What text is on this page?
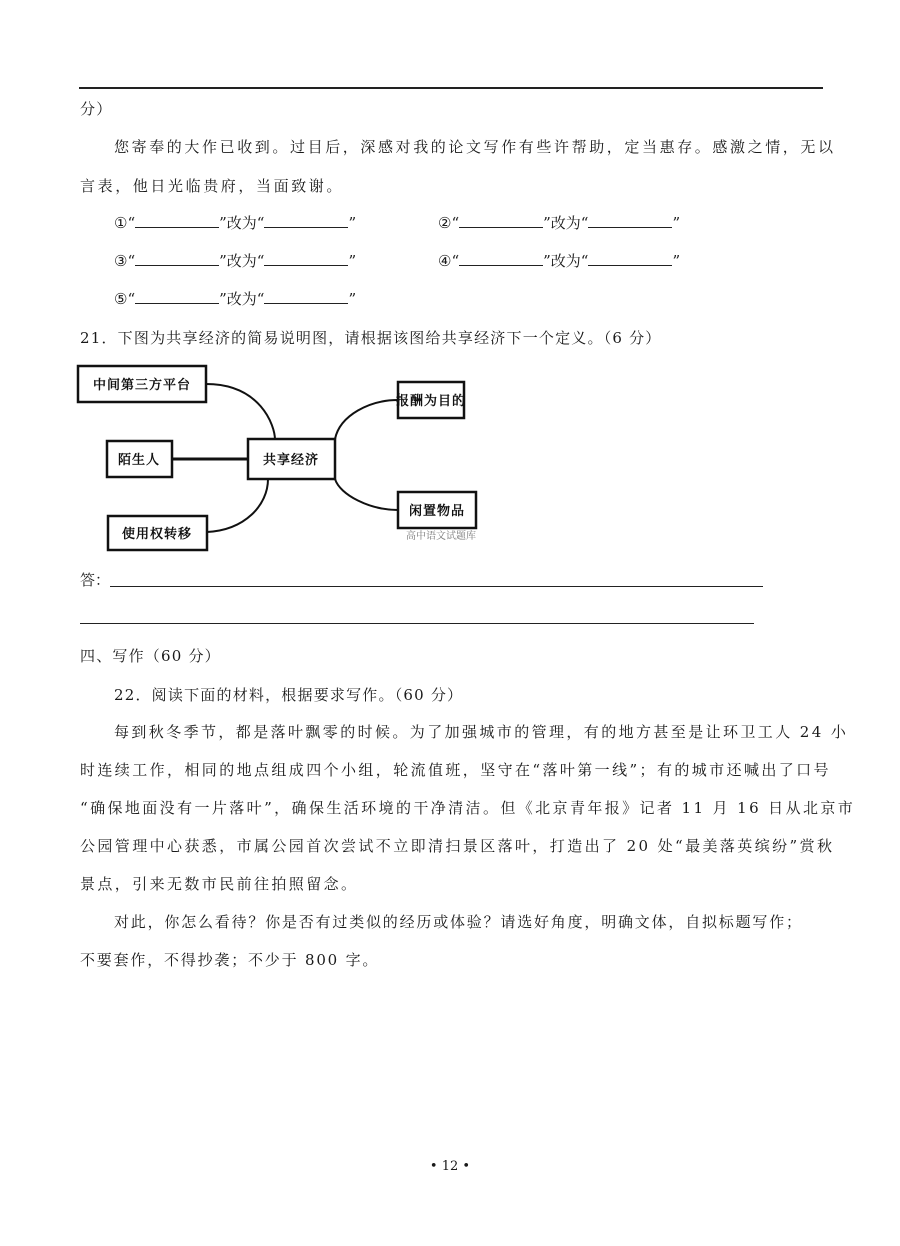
分）
您寄奉的大作已收到。过目后，深感对我的论文写作有些许帮助，定当惠存。感激之情，无以
言表，他日光临贵府，当面致谢。
①“	”改为“	”	②“	”改为“	”
③“	”改为“	”	④“	”改为“	”
⑤“	”改为“	”
21．下图为共享经济的简易说明图，请根据该图给共享经济下一个定义。（6 分）
中间第三方平台
陌生人
使用权转移
共享经济
报酬为目的
闲置物品
高中语文试题库
答：
四、写作（60 分）
22．阅读下面的材料，根据要求写作。（60 分）
每到秋冬季节，都是落叶飘零的时候。为了加强城市的管理，有的地方甚至是让环卫工人 24 小
时连续工作，相同的地点组成四个小组，轮流值班，坚守在“落叶第一线”；有的城市还喊出了口号
“确保地面没有一片落叶”，确保生活环境的干净清洁。但《北京青年报》记者 11 月 16 日从北京市
公园管理中心获悉，市属公园首次尝试不立即清扫景区落叶，打造出了 20 处“最美落英缤纷”赏秋
景点，引来无数市民前往拍照留念。
对此，你怎么看待？你是否有过类似的经历或体验？请选好角度，明确文体，自拟标题写作；
不要套作，不得抄袭；不少于 800 字。
• 12 •
